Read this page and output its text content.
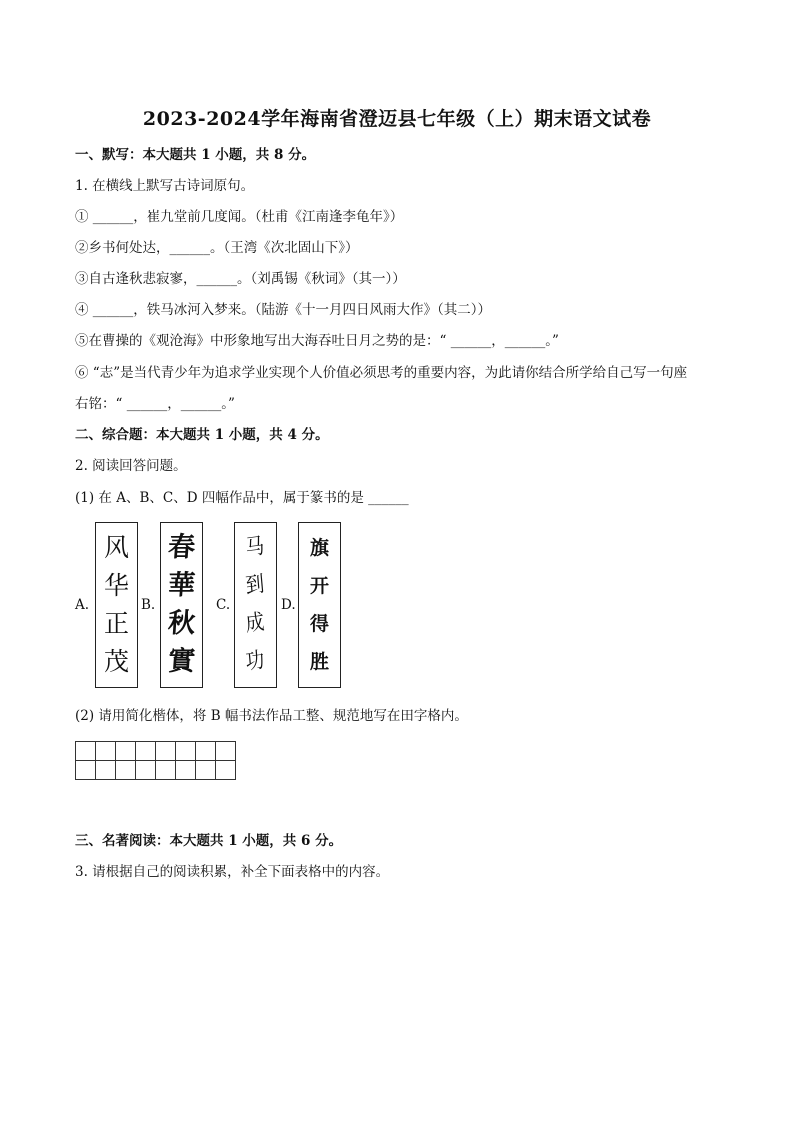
2023-2024学年海南省澄迈县七年级（上）期末语文试卷
一、默写：本大题共 1 小题，共 8 分。
1. 在横线上默写古诗词原句。
① ______，崔九堂前几度闻。（杜甫《江南逢李龟年》）
②乡书何处达，______。（王湾《次北固山下》）
③自古逢秋悲寂寥，______。（刘禹锡《秋词》（其一））
④ ______，铁马冰河入梦来。（陆游《十一月四日风雨大作》（其二））
⑤在曹操的《观沧海》中形象地写出大海吞吐日月之势的是：“ ______，______。”
⑥ “志”是当代青少年为追求学业实现个人价值必须思考的重要内容，为此请你结合所学给自己写一句座
右铭：“ ______，______。”
二、综合题：本大题共 1 小题，共 4 分。
2. 阅读回答问题。
(1) 在 A、B、C、D 四幅作品中，属于篆书的是 ______
A.
风
华
正
茂
B.
春
華
秋
實
C.
马
到
成
功
D.
旗
开
得
胜
(2) 请用简化楷体，将 B 幅书法作品工整、规范地写在田字格内。

三、名著阅读：本大题共 1 小题，共 6 分。
3. 请根据自己的阅读积累，补全下面表格中的内容。
